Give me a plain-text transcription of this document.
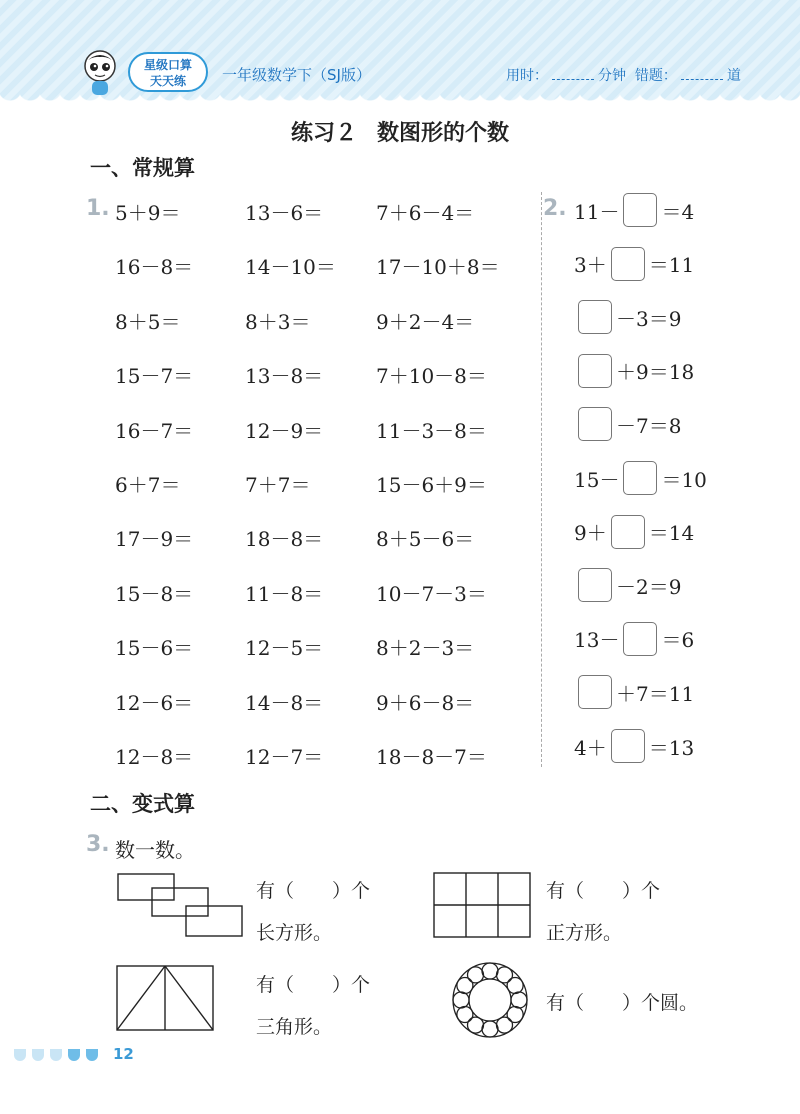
星级口算
天天练	一年级数学下（SJ版）	用时：	分钟 错题：	道
练习２ 数图形的个数
一、常规算
1. 5＋9＝	13－6＝	7＋6－4＝
16－8＝	14－10＝ 17－10＋8＝
8＋5＝	8＋3＝	9＋2－4＝
15－7＝	13－8＝	7＋10－8＝
16－7＝	12－9＝	11－3－8＝
6＋7＝	7＋7＝	15－6＋9＝
17－9＝	18－8＝	8＋5－6＝
15－8＝	11－8＝	10－7－3＝
15－6＝	12－5＝	8＋2－3＝
12－6＝	14－8＝	9＋6－8＝
12－8＝	12－7＝	18－8－7＝
2. 11－ ＝4
3＋ ＝11
－3＝9
＋9＝18
－7＝8
15－ ＝10
9＋ ＝14
－2＝9
13－ ＝6
＋7＝11
4＋ ＝13
二、变式算
3. 数一数。
有（　　）个
长方形。
有（　　）个
正方形。
有（　　）个
三角形。
有（　　）个圆。
12
